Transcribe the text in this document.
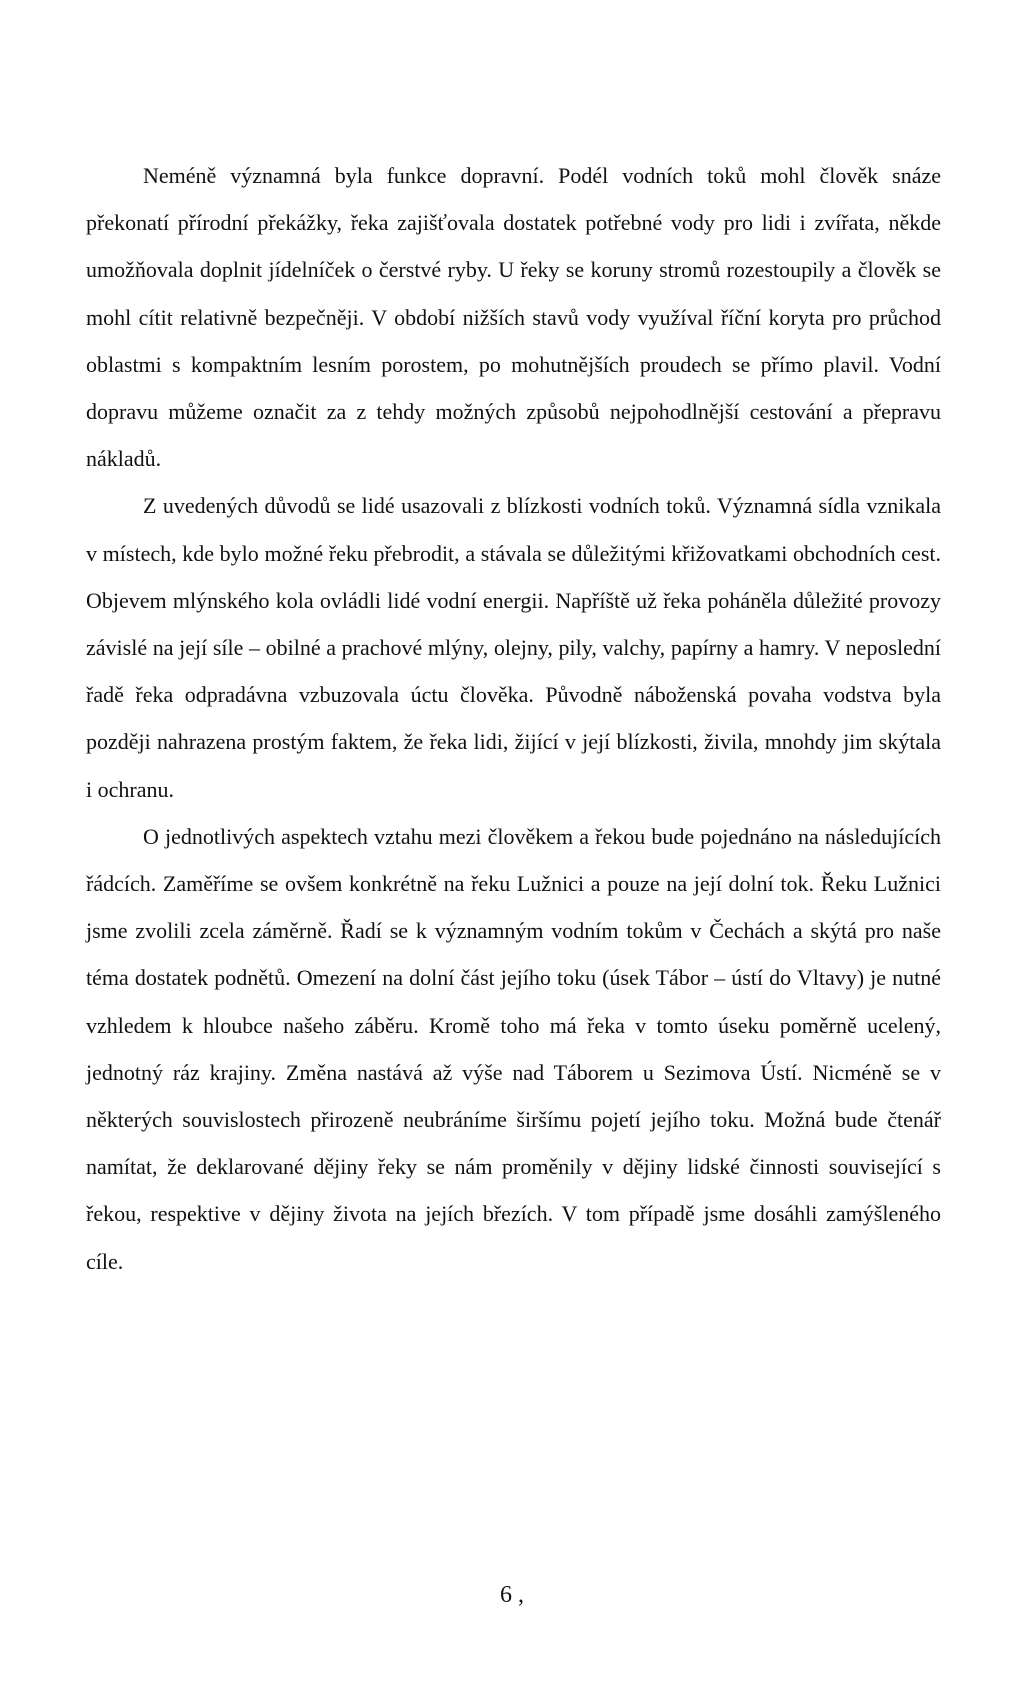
Neméně významná byla funkce dopravní. Podél vodních toků mohl člověk snáze překonatí přírodní překážky, řeka zajišťovala dostatek potřebné vody pro lidi i zvířata, někde umožňovala doplnit jídelníček o čerstvé ryby. U řeky se koruny stromů rozestoupily a člověk se mohl cítit relativně bezpečněji. V období nižších stavů vody využíval říční koryta pro průchod oblastmi s kompaktním lesním porostem, po mohutnějších proudech se přímo plavil. Vodní dopravu můžeme označit za z tehdy možných způsobů nejpohodlnější cestování a přepravu nákladů.

Z uvedených důvodů se lidé usazovali z blízkosti vodních toků. Významná sídla vznikala v místech, kde bylo možné řeku přebrodit, a stávala se důležitými křižovatkami obchodních cest. Objevem mlýnského kola ovládli lidé vodní energii. Napříště už řeka poháněla důležité provozy závislé na její síle – obilné a prachové mlýny, olejny, pily, valchy, papírny a hamry. V neposlední řadě řeka odpradávna vzbuzovala úctu člověka. Původně náboženská povaha vodstva byla později nahrazena prostým faktem, že řeka lidi, žijící v její blízkosti, živila, mnohdy jim skýtala i ochranu.

O jednotlivých aspektech vztahu mezi člověkem a řekou bude pojednáno na následujících řádcích. Zaměříme se ovšem konkrétně na řeku Lužnici a pouze na její dolní tok. Řeku Lužnici jsme zvolili zcela záměrně. Řadí se k významným vodním tokům v Čechách a skýtá pro naše téma dostatek podnětů. Omezení na dolní část jejího toku (úsek Tábor – ústí do Vltavy) je nutné vzhledem k hloubce našeho záběru. Kromě toho má řeka v tomto úseku poměrně ucelený, jednotný ráz krajiny. Změna nastává až výše nad Táborem u Sezimova Ústí. Nicméně se v některých souvislostech přirozeně neubráníme širšímu pojetí jejího toku. Možná bude čtenář namítat, že deklarované dějiny řeky se nám proměnily v dějiny lidské činnosti související s řekou, respektive v dějiny života na jejích březích. V tom případě jsme dosáhli zamýšleného cíle.

6 ,
